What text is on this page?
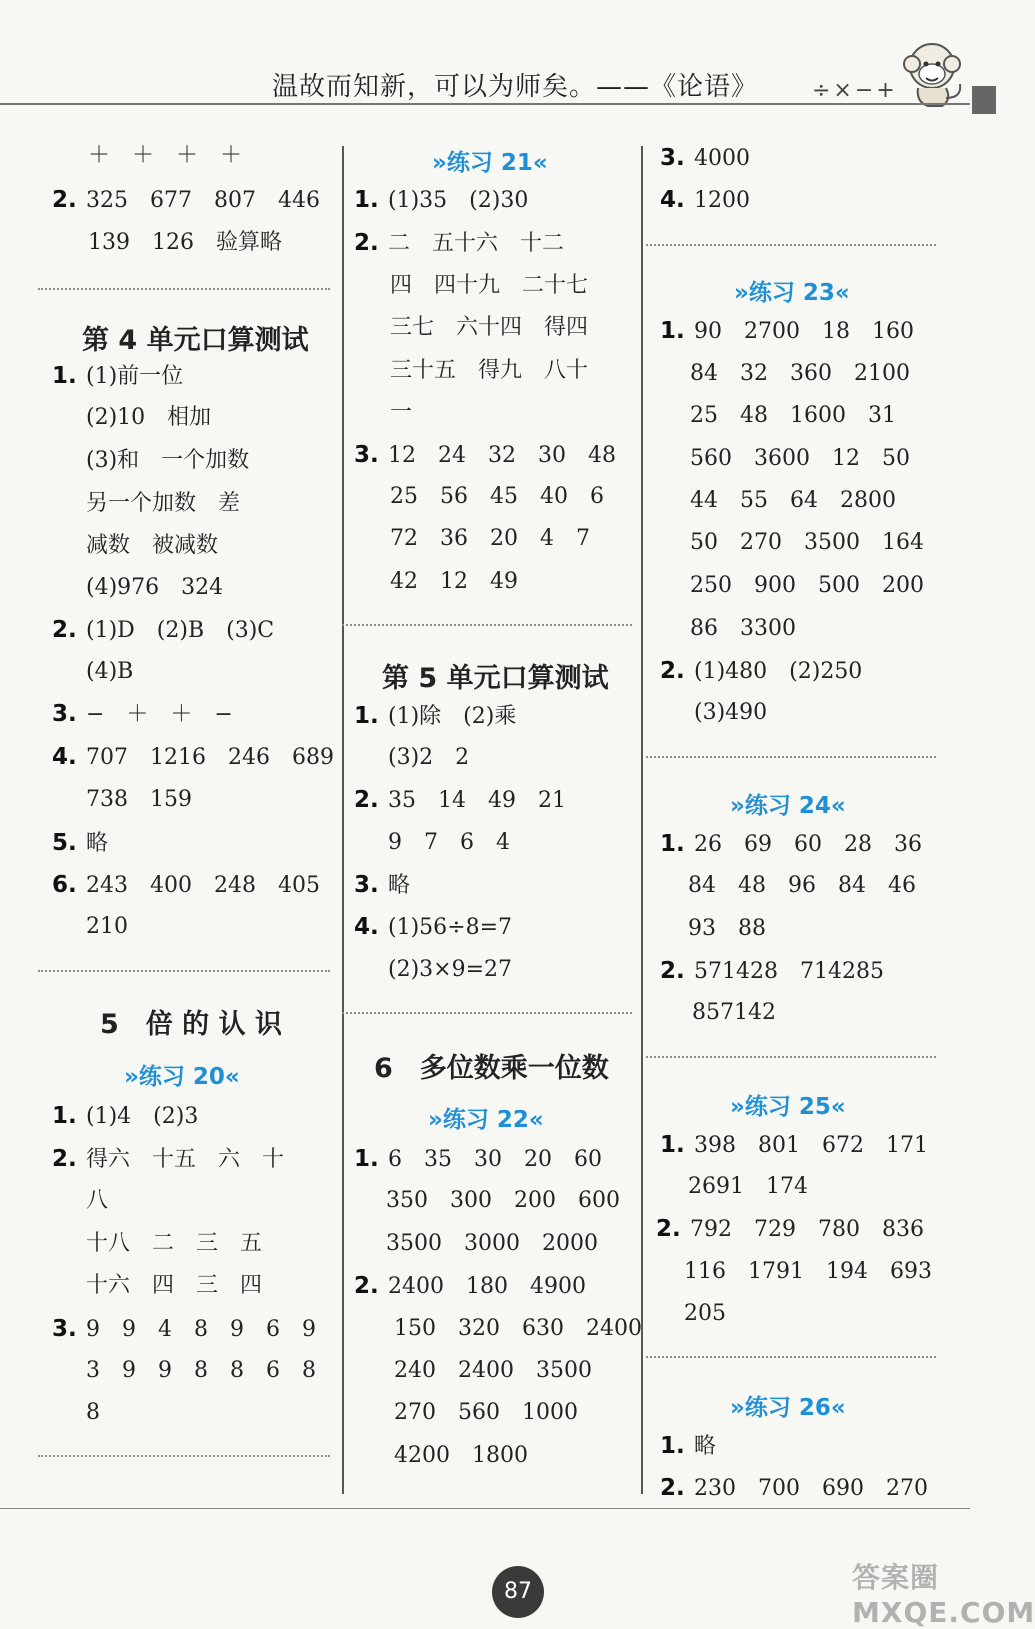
温故而知新，可以为师矣。——《论语》 ÷×−+
＋　＋　＋　＋
2. 325　677　807　446
139　126　验算略
第 4 单元口算测试
1. (1)前一位
(2)10　相加
(3)和　一个加数
另一个加数　差
减数　被减数
(4)976　324
2. (1)D　(2)B　(3)C
(4)B
3. −　＋　＋　−
4. 707　1216　246　689
738　159
5. 略
6. 243　400　248　405
210
5　倍 的 认 识
»练习 20«
1. (1)4　(2)3
2. 得六　十五　六　十
八
十八　二　三　五
十六　四　三　四
3. 9　9　4　8　9　6　9
3　9　9　8　8　6　8
8
»练习 21«
1. (1)35　(2)30
2. 二　五十六　十二
四　四十九　二十七
三七　六十四　得四
三十五　得九　八十
一
3. 12　24　32　30　48
25　56　45　40　6
72　36　20　4　7
42　12　49
第 5 单元口算测试
1. (1)除　(2)乘
(3)2　2
2. 35　14　49　21
9　7　6　4
3. 略
4. (1)56÷8=7
(2)3×9=27
6　多位数乘一位数
»练习 22«
1. 6　35　30　20　60
350　300　200　600
3500　3000　2000
2. 2400　180　4900
150　320　630　2400
240　2400　3500
270　560　1000
4200　1800
3. 4000
4. 1200
»练习 23«
1. 90　2700　18　160
84　32　360　2100
25　48　1600　31
560　3600　12　50
44　55　64　2800
50　270　3500　164
250　900　500　200
86　3300
2. (1)480　(2)250
(3)490
»练习 24«
1. 26　69　60　28　36
84　48　96　84　46
93　88
2. 571428　714285
857142
»练习 25«
1. 398　801　672　171
2691　174
2. 792　729　780　836
116　1791　194　693
205
»练习 26«
1. 略
2. 230　700　690　270
87	答案圈 MXQE.COM
